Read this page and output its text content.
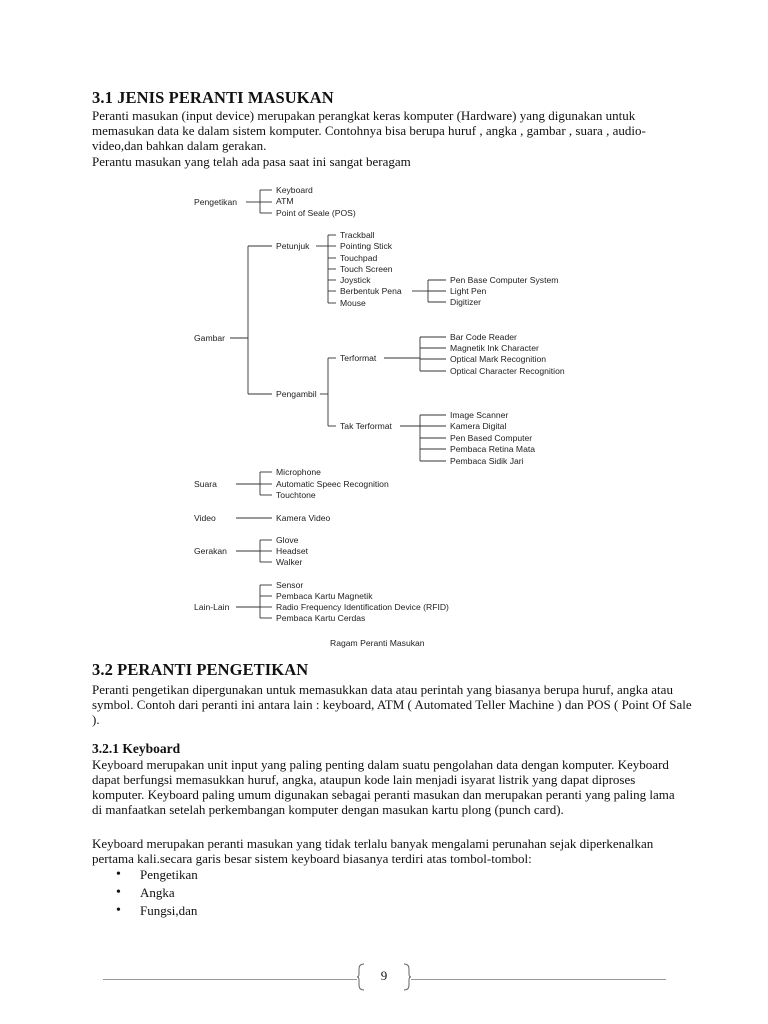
3.1 JENIS PERANTI MASUKAN

Peranti masukan (input device) merupakan perangkat keras komputer (Hardware) yang digunakan untuk memasukan data ke dalam sistem komputer. Contohnya bisa berupa huruf , angka , gambar , suara , audio-video,dan bahkan dalam gerakan.

Perantu masukan yang telah ada pasa saat ini sangat beragam

Pengetikan
Keyboard
ATM
Point of Seale (POS)
Gambar
Petunjuk
Trackball
Pointing Stick
Touchpad
Touch Screen
Joystick
Berbentuk Pena
Mouse
Pen Base Computer System
Light Pen
Digitizer
Pengambil
Terformat
Bar Code Reader
Magnetik Ink Character
Optical Mark Recognition
Optical Character Recognition
Tak Terformat
Image Scanner
Kamera Digital
Pen Based Computer
Pembaca Retina Mata
Pembaca Sidik Jari
Suara
Microphone
Automatic Speec Recognition
Touchtone
Video	Kamera Video
Gerakan
Glove
Headset
Walker
Lain-Lain
Sensor
Pembaca Kartu Magnetik
Radio Frequency Identification Device (RFID)
Pembaca Kartu Cerdas
Ragam Peranti Masukan
3.2 PERANTI PENGETIKAN

Peranti pengetikan dipergunakan untuk memasukkan data atau perintah yang biasanya berupa huruf, angka atau symbol. Contoh dari peranti ini antara lain : keyboard, ATM ( Automated Teller Machine ) dan POS ( Point Of Sale ).

3.2.1 Keyboard

Keyboard merupakan unit input yang paling penting dalam suatu pengolahan data dengan komputer. Keyboard dapat berfungsi memasukkan huruf, angka, ataupun kode lain menjadi isyarat listrik yang dapat diproses komputer. Keyboard paling umum digunakan sebagai peranti masukan dan merupakan peranti yang paling lama di manfaatkan setelah perkembangan komputer dengan masukan kartu plong (punch card).

Keyboard merupakan peranti masukan yang tidak terlalu banyak mengalami perunahan sejak diperkenalkan pertama kali.secara garis besar sistem keyboard biasanya terdiri atas tombol-tombol:

• Pengetikan
• Angka
• Fungsi,dan
9
